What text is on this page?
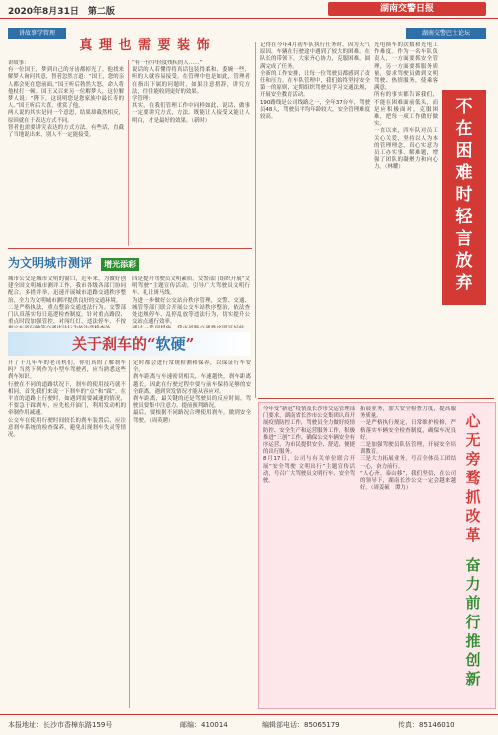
2020年8月31日　第二版	湖南交警日报
讲故事学管理
真 理 也 需 要 装 饰
讲故事：
有一位国王，梦到自己的牙齿都掉光了。他找来解梦人询问其意，智者忽然言道：“国王，您的亲人都会死在您前面。”国王听后勃然大怒，命人将他杖打一顿。国王又召来另一位解梦人，这位解梦人说：“陛下，这说明您是您家族中最长寿的人。”国王听后大喜，重赏了他。
两人说的其实是同一个意思，结果却截然相反，原因就在于表达方式不同。
智者也需要讲究表达的方式方法。有些话，直截了当地说出来，别人不一定能接受。
“有一位中轻度残疾的人……”
说话的人若懂得将真话包装得柔和、委婉一些，听的人就容易接受。在管理中也是如此，管理者在指出下属的问题时，如果注意措辞，讲究方法，往往能收到更好的效果。
学管理：
其实，在我们管理工作中同样如此，说话、做事一定要讲究方式，方法。既能让人接受又能让人明白，才是最好的效果。（新时）
湖南交警巴士论坛
记得在今年4月初车队执行任务时，因为天气原因，车辆在行驶途中遇到了较大的困难。在队长的带领下，大家齐心协力，克服困难，圆满完成了任务。
全新的工作安排，让每一位驾驶员都感到了责任和压力。在车队管理中，我们始终坚持安全第一的原则，定期组织驾驶员学习交通法规，开展安全教育活动。
190路线是公司线路之一，全年37台车，驾驶员48人，驾驶员平均年龄较大，安全管理难度较高。
光电换车的次数和光电工作难度。作为一名车队负责人，一方面要抓安全管理，另一方面要抓服务质量，要求驾驶员做到文明驾驶、热情服务，使乘客满意。
所有的事实都告诉我们，不能在困难面前低头，而是应积极面对，克服困难，把每一项工作做好做实。
一直以来，四车队对员工关心关爱，坚持以人为本的管理理念，真心实意为员工办实事、解难题，增强了团队的凝聚力和向心力。（林耀）
不
在
困
难
时
轻
言
放
弃
为文明城市测评 增光添彩
城市公交是城市文明的窗口，近年来，为做好创建全国文明城市测评工作，我市各级各部门协同配合，多措并举，迅速开展城市道路交通秩序整治，全力为文明城市测评提供良好的交通环境。
二是严格执法，重点整治交通违法行为。交警部门认真落实每日巡逻检查制度，针对重点路段、重点时段加强管控，对闯红灯、违法停车、不按

四是提升驾驶员文明素质。交警部门组织开展“文明驾驶”主题宣传活动，引导广大驾驶员文明行车、礼让斑马线。
为进一步做好公交站台秩序管理，交警、交通、城管等部门联合开展公交车站秩序整治，依法查处违规停车、乱停乱放等违法行为，切实提升公交站点通行效率。

关于刹车的“软硬”
开了十几年车的老司机们，你们真的了解刹车吗？当然下列作为小型车驾驶者，应当熟悉这些刹车知识。
行驶在不同的道路状况下，刹车的使用技巧就不相同，首先我们来说一下刹车的“点”和“踩”。在平直的道路上行驶时，如遇到需要减速的情况，不要急于踩刹车，应先松开油门，利用发动机的牵制作用减速。
公交车在使用行驶时间较长的刹车装置后，应注意刹车系统的检查保养，避免出现刹车失灵等情况。
定时都会进行常规检测和保养，以保证行车安全。
刹车距离与车速密切相关，车速越快，刹车距离越长，因此在行驶过程中要与前车保持足够的安全距离，遇到突发情况才能从容应对。
刹车距离，最关键的还是驾驶员的反应时间。驾驶员要集中注意力，提前预判路况。
最后，要根据不同路况合理使用刹车，做到安全驾驶。（周英聘）
今年受“新冠”疫情及长沙市交运管理部门要求，湖南省长沙市公交集团认真开展疫情防控工作，驾驶员全力做好疫情防控、安全生产和运营服务工作，积极推进“三创”工作，确保公交车辆安全有序运营，为市民提供安全、舒适、便捷的出行服务。
8月17日，公司与有关单位联合开展“安全驾驶 文明出行”主题宣传活动，号召广大驾驶员文明行车、安全驾驶。
拓展业务，加大安全检查力度，提高服务质量。
一是严格执行规定，日常维护检修，严格落实车辆安全检查制度，确保车况良好。
二是加强驾驶员队伍管理，开展安全培训教育。
三是大力拓展业务，号召全体员工团结一心，奋力前行。
“人心齐，泰山移”，我们坚信，在公司的领导下，湖南长沙公交一定会越来越好。（周姜硕　谭力）
心
无
旁
骛
抓
改
革
奋
力
前
行
推
创
新
本报地址：长沙市香樟东路159号	邮编：410014	编辑部电话：85065179	传真：85146010
